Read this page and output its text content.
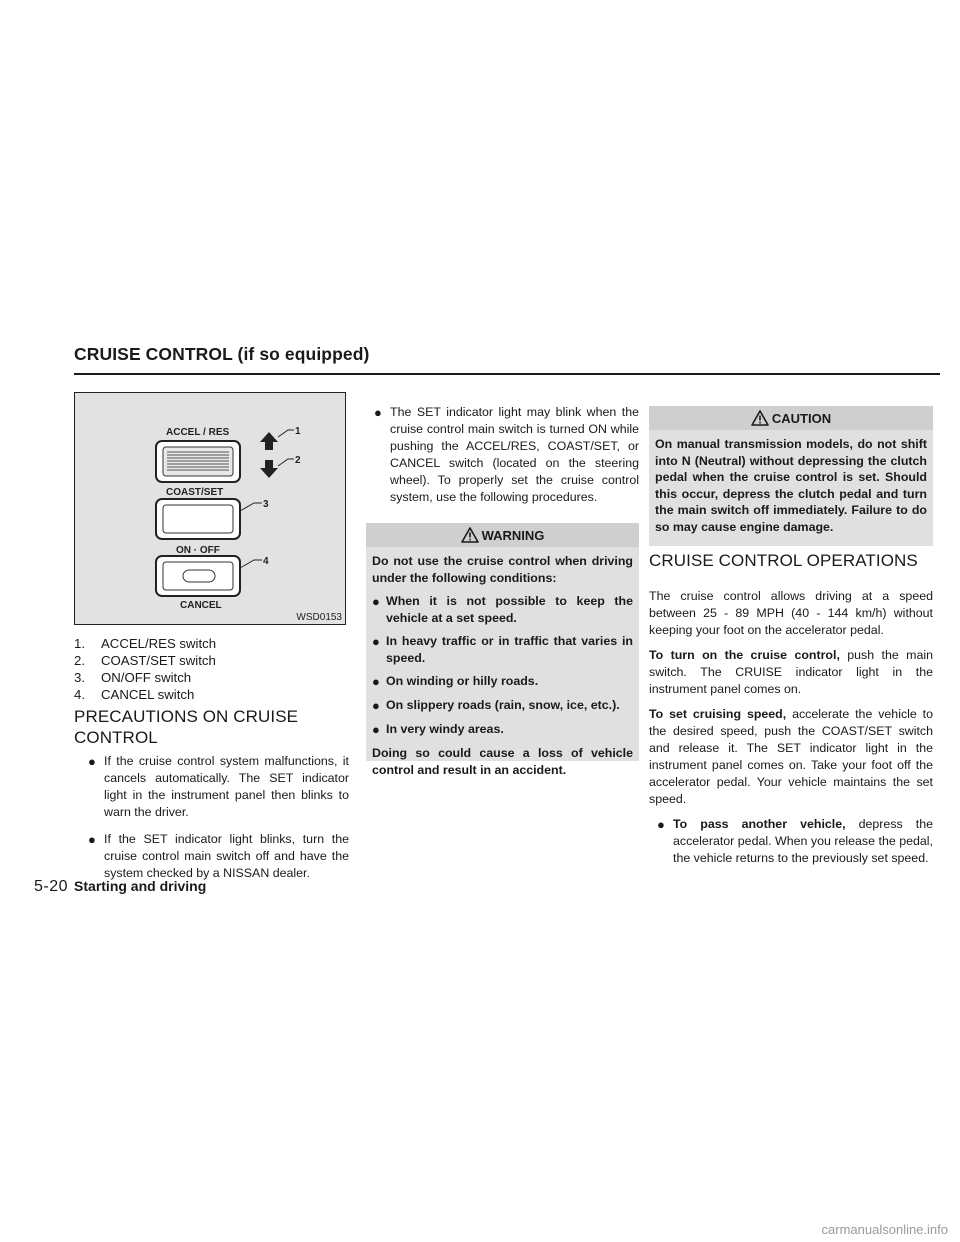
CRUISE CONTROL (if so equipped)
ACCEL / RES
COAST/SET
1
2
3
ON · OFF
4
CANCEL
WSD0153
1.	ACCEL/RES switch
2.	COAST/SET switch
3.	ON/OFF switch
4.	CANCEL switch
PRECAUTIONS ON CRUISE CONTROL
● If the cruise control system malfunctions, it cancels automatically. The SET indicator light in the instrument panel then blinks to warn the driver.
● If the SET indicator light blinks, turn the cruise control main switch off and have the system checked by a NISSAN dealer.
● The SET indicator light may blink when the cruise control main switch is turned ON while pushing the ACCEL/RES, COAST/SET, or CANCEL switch (located on the steering wheel). To properly set the cruise control system, use the following procedures.
WARNING

Do not use the cruise control when driving under the following conditions:

● When it is not possible to keep the vehicle at a set speed.
● In heavy traffic or in traffic that varies in speed.
● On winding or hilly roads.
● On slippery roads (rain, snow, ice, etc.).
● In very windy areas.

Doing so could cause a loss of vehicle control and result in an accident.

CAUTION

On manual transmission models, do not shift into N (Neutral) without depressing the clutch pedal when the cruise control is set. Should this occur, depress the clutch pedal and turn the main switch off immediately. Failure to do so may cause engine damage.

CRUISE CONTROL OPERATIONS

The cruise control allows driving at a speed between 25 - 89 MPH (40 - 144 km/h) without keeping your foot on the accelerator pedal.

To turn on the cruise control, push the main switch. The CRUISE indicator light in the instrument panel comes on.

To set cruising speed, accelerate the vehicle to the desired speed, push the COAST/SET switch and release it. The SET indicator light in the instrument panel comes on. Take your foot off the accelerator pedal. Your vehicle maintains the set speed.

● To pass another vehicle, depress the accelerator pedal. When you release the pedal, the vehicle returns to the previously set speed.
5-20 Starting and driving
carmanualsonline.info
